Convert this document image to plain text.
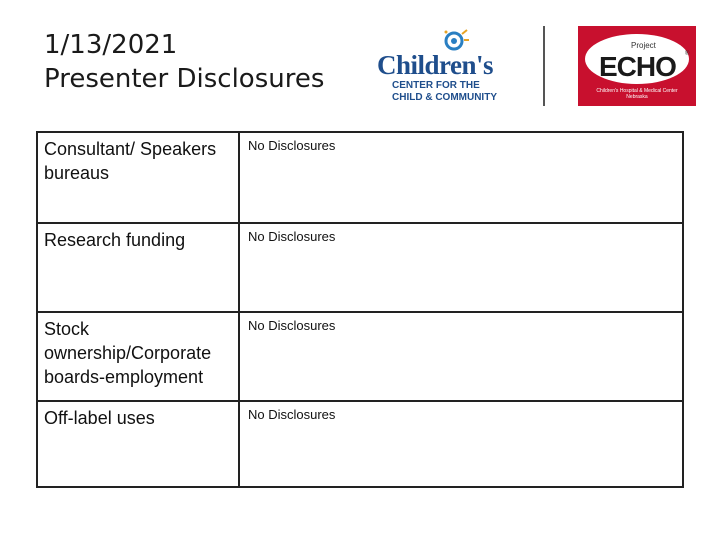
1/13/2021
Presenter Disclosures Children's
CENTER FOR THE
CHILD & COMMUNITY
Project
ECHO ®
Children's Hospital & Medical Center
Nebraska
Consultant/ Speakers bureaus
No Disclosures
Research funding	No Disclosures
Stock ownership/Corporate boards-employment
No Disclosures
Off-label uses	No Disclosures
